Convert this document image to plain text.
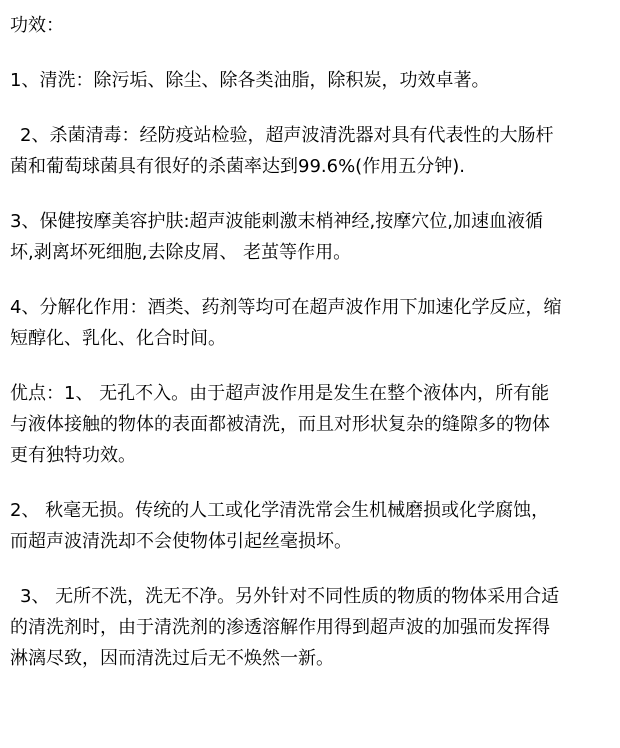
功效：
1、清洗：除污垢、除尘、除各类油脂，除积炭，功效卓著。
2、杀菌清毒：经防疫站检验，超声波清洗器对具有代表性的大肠杆
菌和葡萄球菌具有很好的杀菌率达到99.6%(作用五分钟).
3、保健按摩美容护肤:超声波能刺激末梢神经,按摩穴位,加速血液循
坏,剥离坏死细胞,去除皮屑、 老茧等作用。
4、分解化作用：酒类、药剂等均可在超声波作用下加速化学反应，缩
短醇化、乳化、化合时间。
优点：1、 无孔不入。由于超声波作用是发生在整个液体内，所有能
与液体接触的物体的表面都被清洗，而且对形状复杂的缝隙多的物体
更有独特功效。
2、 秋毫无损。传统的人工或化学清洗常会生机械磨损或化学腐蚀，
而超声波清洗却不会使物体引起丝毫损坏。
3、 无所不洗，洗无不净。另外针对不同性质的物质的物体采用合适
的清洗剂时，由于清洗剂的渗透溶解作用得到超声波的加强而发挥得
淋漓尽致，因而清洗过后无不焕然一新。
